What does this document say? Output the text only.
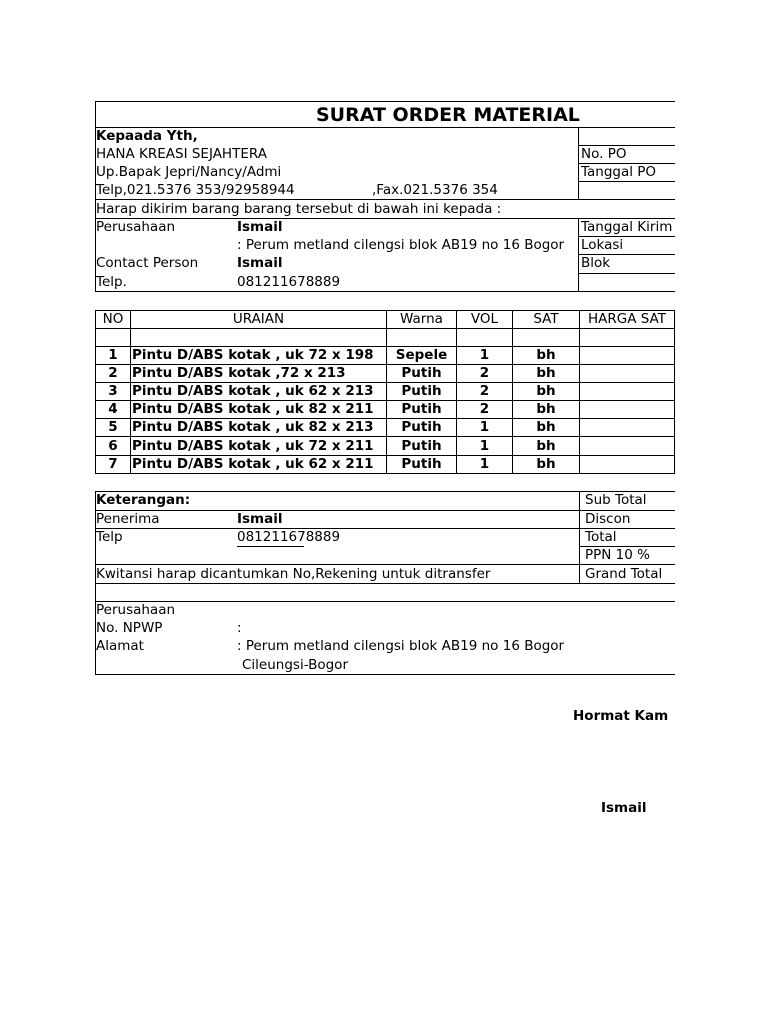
SURAT ORDER MATERIAL
Kepaada Yth,
HANA KREASI SEJAHTERA
Up.Bapak Jepri/Nancy/Admi
Telp,021.5376 353/92958944	,Fax.021.5376 354
No. PO
Tanggal PO
Harap dikirim barang barang tersebut di bawah ini kepada :
Perusahaan	Ismail
: Perum metland cilengsi blok AB19 no 16 Bogor
Contact Person	Ismail
Telp.	081211678889
Tanggal Kirim
Lokasi
Blok
NO	URAIAN	Warna	VOL	SAT	HARGA SAT
1	Pintu D/ABS kotak , uk 72 x 198	Sepele	1	bh
2	Pintu D/ABS kotak ,72 x 213	Putih	2	bh
3	Pintu D/ABS kotak , uk 62 x 213	Putih	2	bh
4	Pintu D/ABS kotak , uk 82 x 211	Putih	2	bh
5	Pintu D/ABS kotak , uk 82 x 213	Putih	1	bh
6	Pintu D/ABS kotak , uk 72 x 211	Putih	1	bh
7	Pintu D/ABS kotak , uk 62 x 211	Putih	1	bh
Keterangan:
Penerima	Ismail
Telp	081211678889
Kwitansi harap dicantumkan No,Rekening untuk ditransfer
Sub Total
Discon
Total
PPN 10 %
Grand Total
Perusahaan
No. NPWP	:
Alamat	: Perum metland cilengsi blok AB19 no 16 Bogor
Cileungsi-Bogor
Hormat Kam
Ismail
